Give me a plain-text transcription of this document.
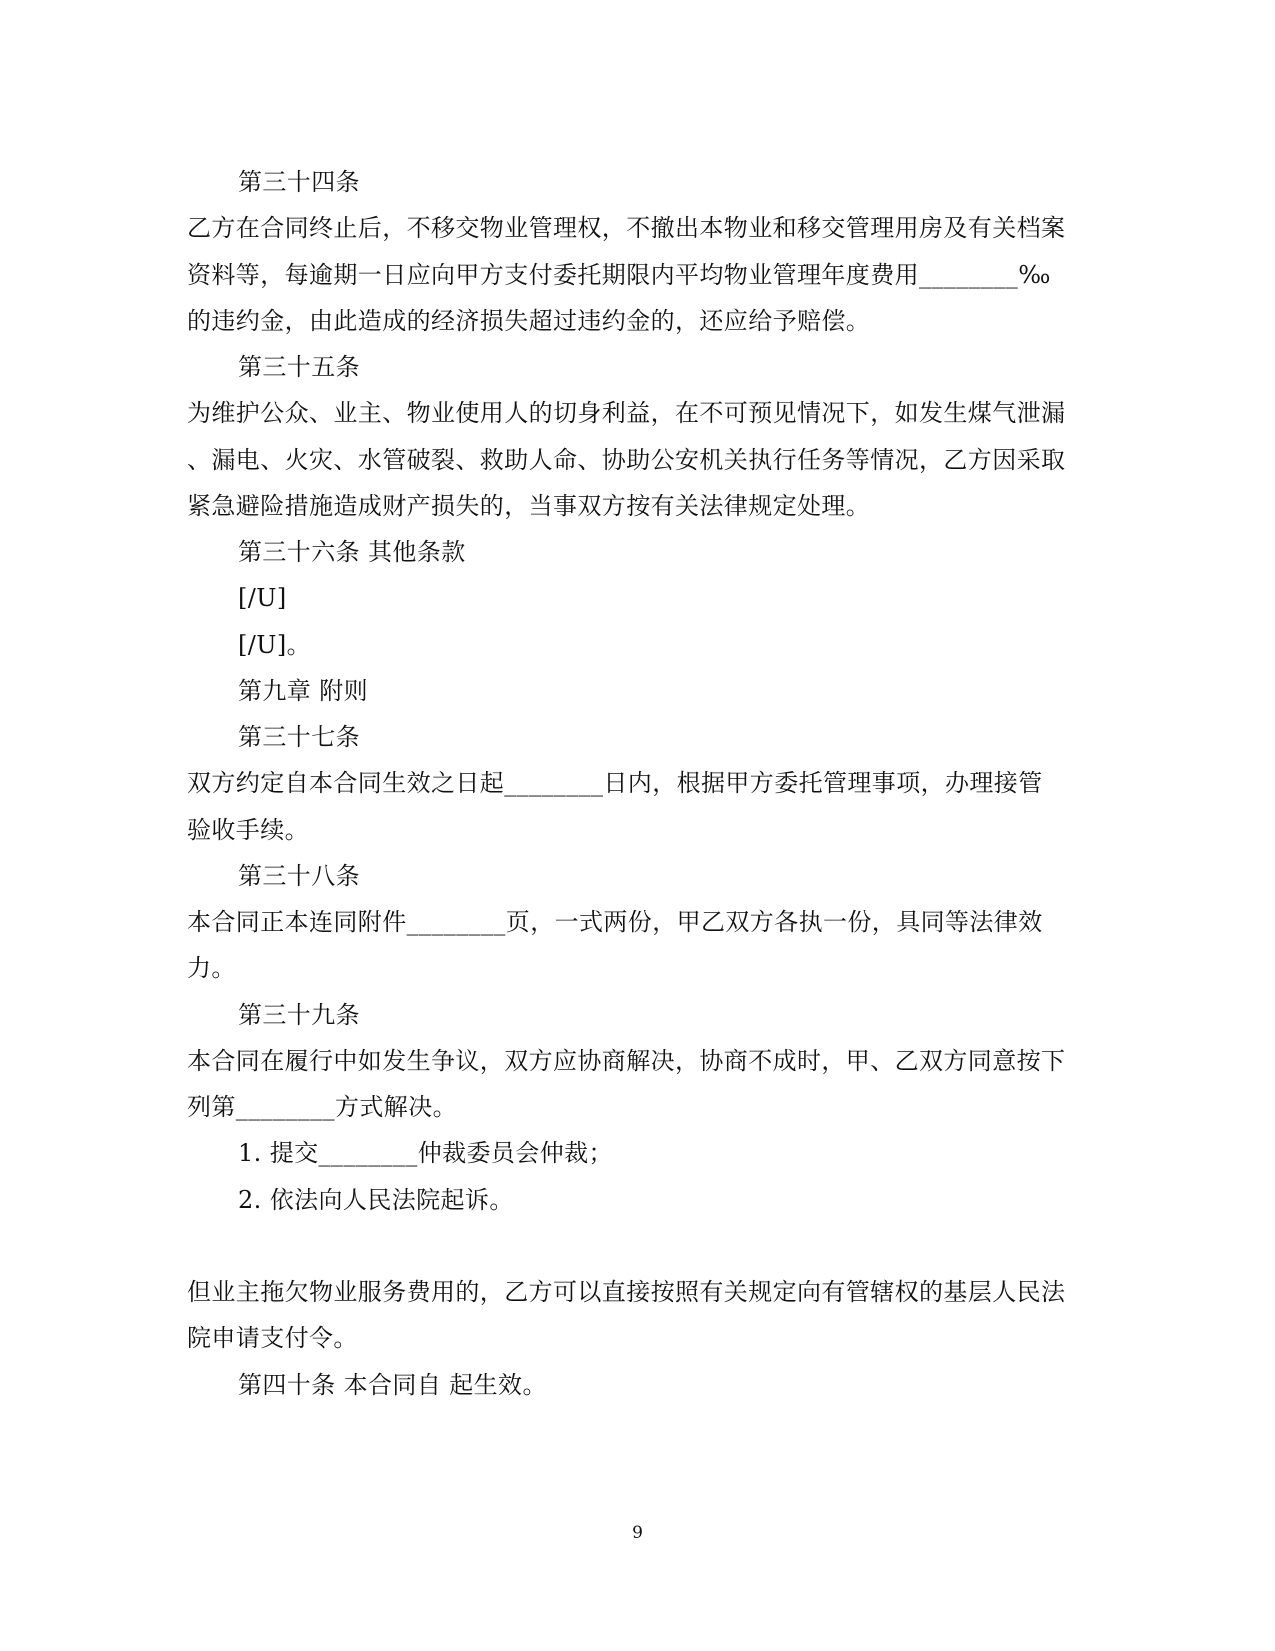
第三十四条
乙方在合同终止后，不移交物业管理权，不撤出本物业和移交管理用房及有关档案
资料等，每逾期一日应向甲方支付委托期限内平均物业管理年度费用________‰
的违约金，由此造成的经济损失超过违约金的，还应给予赔偿。
第三十五条
为维护公众、业主、物业使用人的切身利益，在不可预见情况下，如发生煤气泄漏
、漏电、火灾、水管破裂、救助人命、协助公安机关执行任务等情况，乙方因采取
紧急避险措施造成财产损失的，当事双方按有关法律规定处理。
第三十六条 其他条款
[/U]
[/U]。
第九章 附则
第三十七条
双方约定自本合同生效之日起________日内，根据甲方委托管理事项，办理接管
验收手续。
第三十八条
本合同正本连同附件________页，一式两份，甲乙双方各执一份，具同等法律效
力。
第三十九条
本合同在履行中如发生争议，双方应协商解决，协商不成时，甲、乙双方同意按下
列第________方式解决。
1. 提交________仲裁委员会仲裁；
2. 依法向人民法院起诉。
但业主拖欠物业服务费用的，乙方可以直接按照有关规定向有管辖权的基层人民法
院申请支付令。
第四十条 本合同自 起生效。
9
